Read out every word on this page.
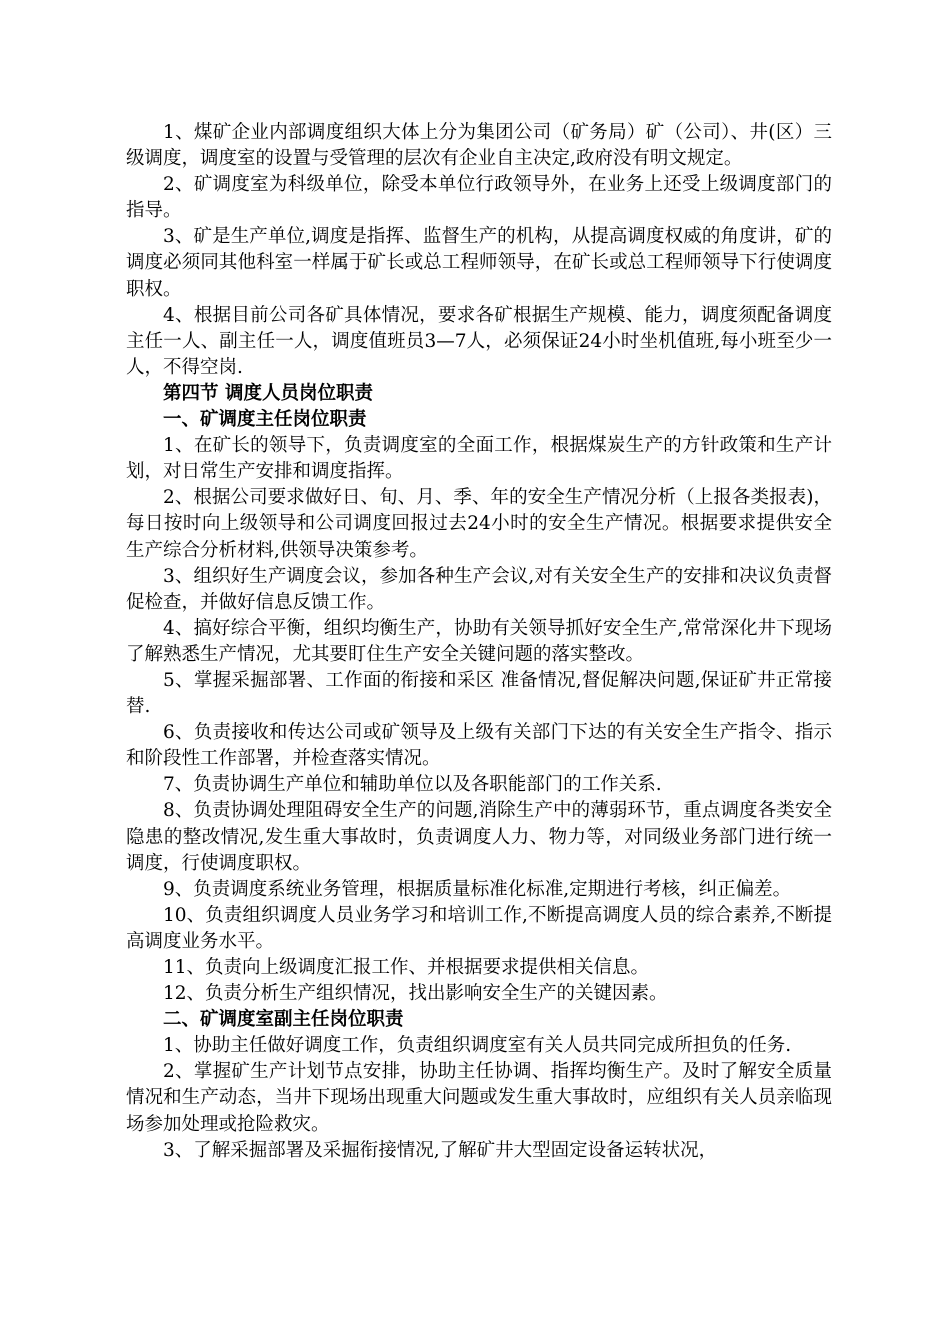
1、煤矿企业内部调度组织大体上分为集团公司（矿务局）矿（公司）、井(区）三级调度，调度室的设置与受管理的层次有企业自主决定,政府没有明文规定。

2、矿调度室为科级单位，除受本单位行政领导外，在业务上还受上级调度部门的指导。

3、矿是生产单位,调度是指挥、监督生产的机构，从提高调度权威的角度讲，矿的调度必须同其他科室一样属于矿长或总工程师领导，在矿长或总工程师领导下行使调度职权。

4、根据目前公司各矿具体情况，要求各矿根据生产规模、能力，调度须配备调度主任一人、副主任一人，调度值班员3—7人，必须保证24小时坐机值班,每小班至少一人，不得空岗.

第四节 调度人员岗位职责

一、矿调度主任岗位职责

1、在矿长的领导下，负责调度室的全面工作，根据煤炭生产的方针政策和生产计划，对日常生产安排和调度指挥。

2、根据公司要求做好日、旬、月、季、年的安全生产情况分析（上报各类报表)，每日按时向上级领导和公司调度回报过去24小时的安全生产情况。根据要求提供安全生产综合分析材料,供领导决策参考。

3、组织好生产调度会议，参加各种生产会议,对有关安全生产的安排和决议负责督促检查，并做好信息反馈工作。

4、搞好综合平衡，组织均衡生产，协助有关领导抓好安全生产,常常深化井下现场了解熟悉生产情况，尤其要盯住生产安全关键问题的落实整改。

5、掌握采掘部署、工作面的衔接和采区 准备情况,督促解决问题,保证矿井正常接替.

6、负责接收和传达公司或矿领导及上级有关部门下达的有关安全生产指令、指示和阶段性工作部署，并检查落实情况。

7、负责协调生产单位和辅助单位以及各职能部门的工作关系.

8、负责协调处理阻碍安全生产的问题,消除生产中的薄弱环节，重点调度各类安全隐患的整改情况,发生重大事故时，负责调度人力、物力等，对同级业务部门进行统一调度，行使调度职权。

9、负责调度系统业务管理，根据质量标准化标准,定期进行考核，纠正偏差。

10、负责组织调度人员业务学习和培训工作,不断提高调度人员的综合素养,不断提高调度业务水平。

11、负责向上级调度汇报工作、并根据要求提供相关信息。

12、负责分析生产组织情况，找出影响安全生产的关键因素。

二、矿调度室副主任岗位职责

1、协助主任做好调度工作，负责组织调度室有关人员共同完成所担负的任务.

2、掌握矿生产计划节点安排，协助主任协调、指挥均衡生产。及时了解安全质量情况和生产动态，当井下现场出现重大问题或发生重大事故时，应组织有关人员亲临现场参加处理或抢险救灾。

3、了解采掘部署及采掘衔接情况,了解矿井大型固定设备运转状况，
